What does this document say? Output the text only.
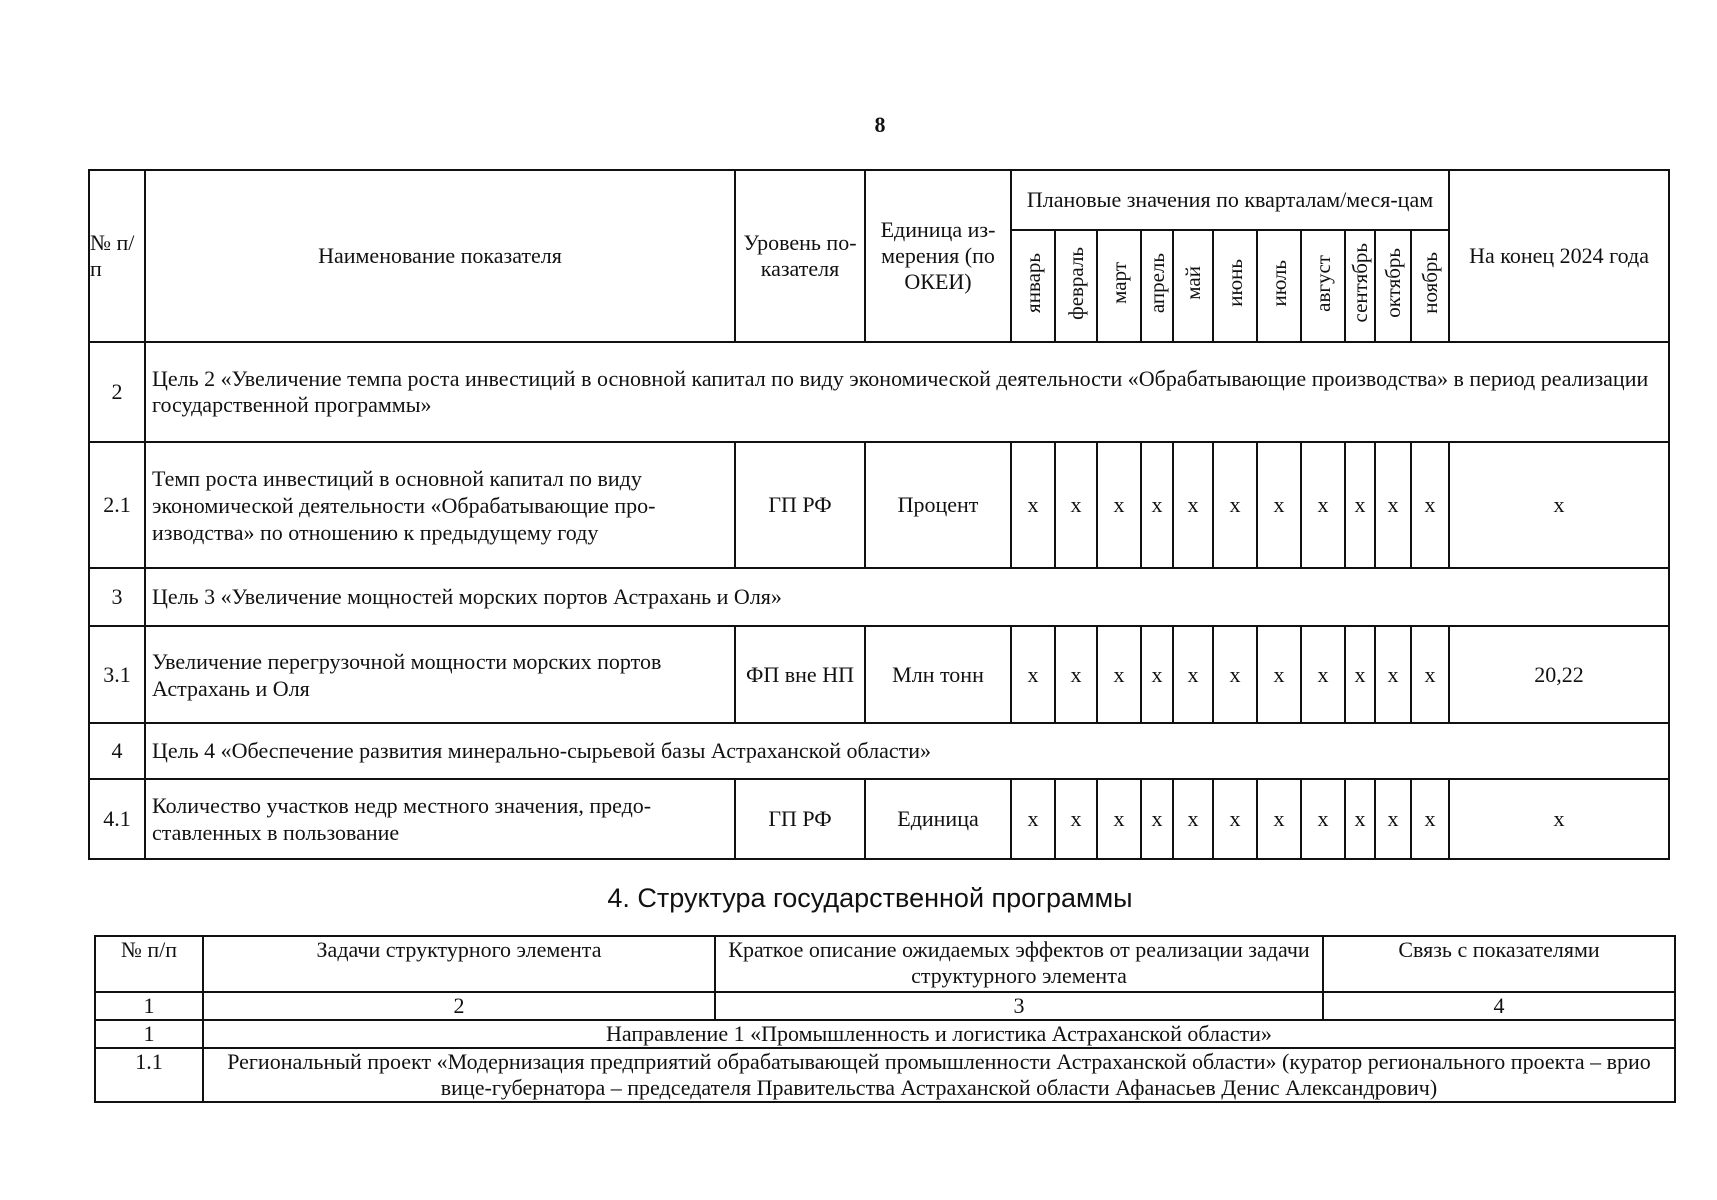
8
№ п/п	Наименование показателя	Уровень по-казателя	Единица из-мерения (по ОКЕИ)	Плановые значения по кварталам/меся-цам											На конец 2024 года
				январь	февраль	март	апрель	май	июнь	июль	август	сентябрь	октябрь	ноябрь	
2	Цель 2 «Увеличение темпа роста инвестиций в основной капитал по виду экономической деятельности «Обрабатывающие производства» в период реализации государственной программы»														
2.1	Темп роста инвестиций в основной капитал по виду экономической деятельности «Обрабатывающие про-изводства» по отношению к предыдущему году	ГП РФ	Процент	x	x	x	x	x	x	x	x	x	x	x	x
3	Цель 3 «Увеличение мощностей морских портов Астрахань и Оля»														
3.1	Увеличение перегрузочной мощности морских портов Астрахань и Оля	ФП вне НП	Млн тонн	x	x	x	x	x	x	x	x	x	x	x	20,22
4	Цель 4 «Обеспечение развития минерально-сырьевой базы Астраханской области»														
4.1	Количество участков недр местного значения, предо-ставленных в пользование	ГП РФ	Единица	x	x	x	x	x	x	x	x	x	x	x	x
4. Структура государственной программы
№ п/п	Задачи структурного элемента	Краткое описание ожидаемых эффектов от реализации задачи структурного элемента	Связь с показателями
1	2	3	4
1	Направление 1 «Промышленность и логистика Астраханской области»		
1.1	Региональный проект «Модернизация предприятий обрабатывающей промышленности Астраханской области» (куратор регионального проекта – врио вице-губернатора – председателя Правительства Астраханской области Афанасьев Денис Александрович)		
